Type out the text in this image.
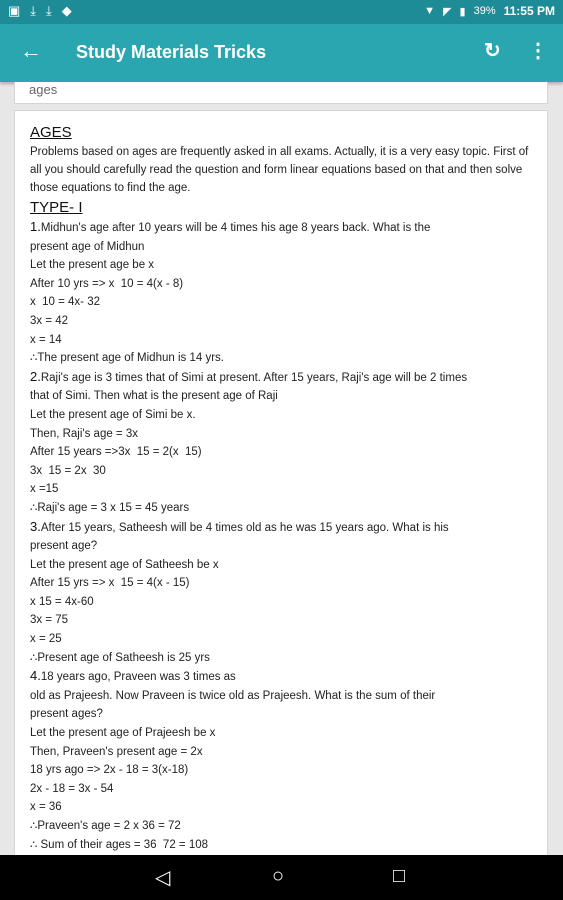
▣ ⤓ ⤓ ◆	▼ ◤ ▮ 39% 11:55 PM
← Study Materials Tricks	↻ ⋮
ages

AGES

Problems based on ages are frequently asked in all exams. Actually, it is a very easy topic. First of all you should carefully read the question and form linear equations based on that and then solve those equations to find the age.

TYPE- I

1.Midhun's age after 10 years will be 4 times his age 8 years back. What is the

present age of Midhun

Let the present age be x

After 10 yrs => x  10 = 4(x - 8)

x  10 = 4x- 32

3x = 42

x = 14

∴The present age of Midhun is 14 yrs.

2.Raji's age is 3 times that of Simi at present. After 15 years, Raji's age will be 2 times

that of Simi. Then what is the present age of Raji

Let the present age of Simi be x.

Then, Raji's age = 3x

After 15 years =>3x  15 = 2(x  15)

3x  15 = 2x  30

x =15

∴Raji's age = 3 x 15 = 45 years

3.After 15 years, Satheesh will be 4 times old as he was 15 years ago. What is his

present age?

Let the present age of Satheesh be x

After 15 yrs => x  15 = 4(x - 15)

x 15 = 4x-60

3x = 75

x = 25

∴Present age of Satheesh is 25 yrs

4.18 years ago, Praveen was 3 times as

old as Prajeesh. Now Praveen is twice old as Prajeesh. What is the sum of their

present ages?

Let the present age of Prajeesh be x

Then, Praveen's present age = 2x

18 yrs ago => 2x - 18 = 3(x-18)

2x - 18 = 3x - 54

x = 36

∴Praveen's age = 2 x 36 = 72

∴ Sum of their ages = 36  72 = 108

◁	○	□
